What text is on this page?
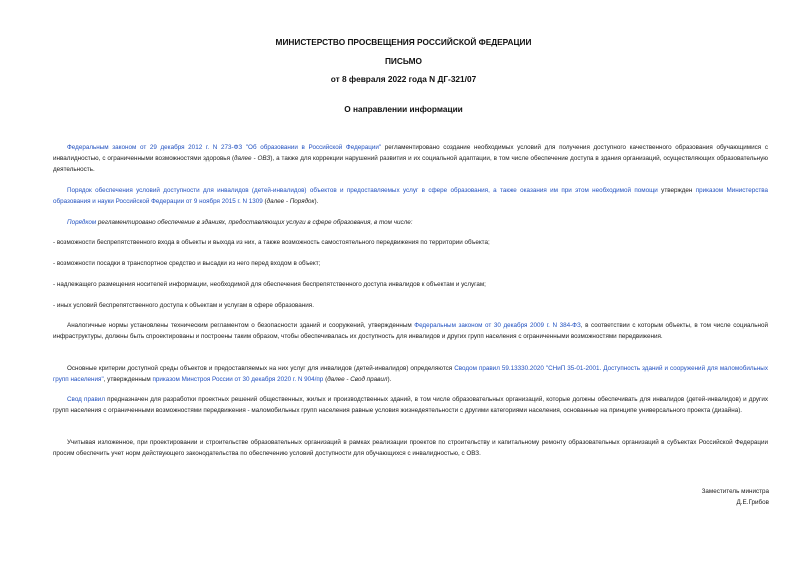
МИНИСТЕРСТВО ПРОСВЕЩЕНИЯ РОССИЙСКОЙ ФЕДЕРАЦИИ
ПИСЬМО
от 8 февраля 2022 года N ДГ-321/07
О направлении информации
Федеральным законом от 29 декабря 2012 г. N 273-ФЗ "Об образовании в Российской Федерации" регламентировано создание необходимых условий для получения доступного качественного образования обучающимися с инвалидностью, с ограниченными возможностями здоровья (далее - ОВЗ), а также для коррекции нарушений развития и их социальной адаптации, в том числе обеспечение доступа в здания организаций, осуществляющих образовательную деятельность.
Порядок обеспечения условий доступности для инвалидов (детей-инвалидов) объектов и предоставляемых услуг в сфере образования, а также оказания им при этом необходимой помощи утвержден приказом Министерства образования и науки Российской Федерации от 9 ноября 2015 г. N 1309 (далее - Порядок).
Порядком регламентировано обеспечение в зданиях, предоставляющих услуги в сфере образования, в том числе:
- возможности беспрепятственного входа в объекты и выхода из них, а также возможность самостоятельного передвижения по территории объекта;
- возможности посадки в транспортное средство и высадки из него перед входом в объект;
- надлежащего размещения носителей информации, необходимой для обеспечения беспрепятственного доступа инвалидов к объектам и услугам;
- иных условий беспрепятственного доступа к объектам и услугам в сфере образования.
Аналогичные нормы установлены техническим регламентом о безопасности зданий и сооружений, утвержденным Федеральным законом от 30 декабря 2009 г. N 384-ФЗ, в соответствии с которым объекты, в том числе социальной инфраструктуры, должны быть спроектированы и построены таким образом, чтобы обеспечивалась их доступность для инвалидов и других групп населения с ограниченными возможностями передвижения.
Основные критерии доступной среды объектов и предоставляемых на них услуг для инвалидов (детей-инвалидов) определяются Сводом правил 59.13330.2020 "СНиП 35-01-2001. Доступность зданий и сооружений для маломобильных групп населения", утвержденным приказом Минстроя России от 30 декабря 2020 г. N 904/пр (далее - Свод правил).
Свод правил предназначен для разработки проектных решений общественных, жилых и производственных зданий, в том числе образовательных организаций, которые должны обеспечивать для инвалидов (детей-инвалидов) и других групп населения с ограниченными возможностями передвижения - маломобильных групп населения равные условия жизнедеятельности с другими категориями населения, основанные на принципе универсального проекта (дизайна).
Учитывая изложенное, при проектировании и строительстве образовательных организаций в рамках реализации проектов по строительству и капитальному ремонту образовательных организаций в субъектах Российской Федерации просим обеспечить учет норм действующего законодательства по обеспечению условий доступности для обучающихся с инвалидностью, с ОВЗ.
Заместитель министра
Д.Е.Грибов
